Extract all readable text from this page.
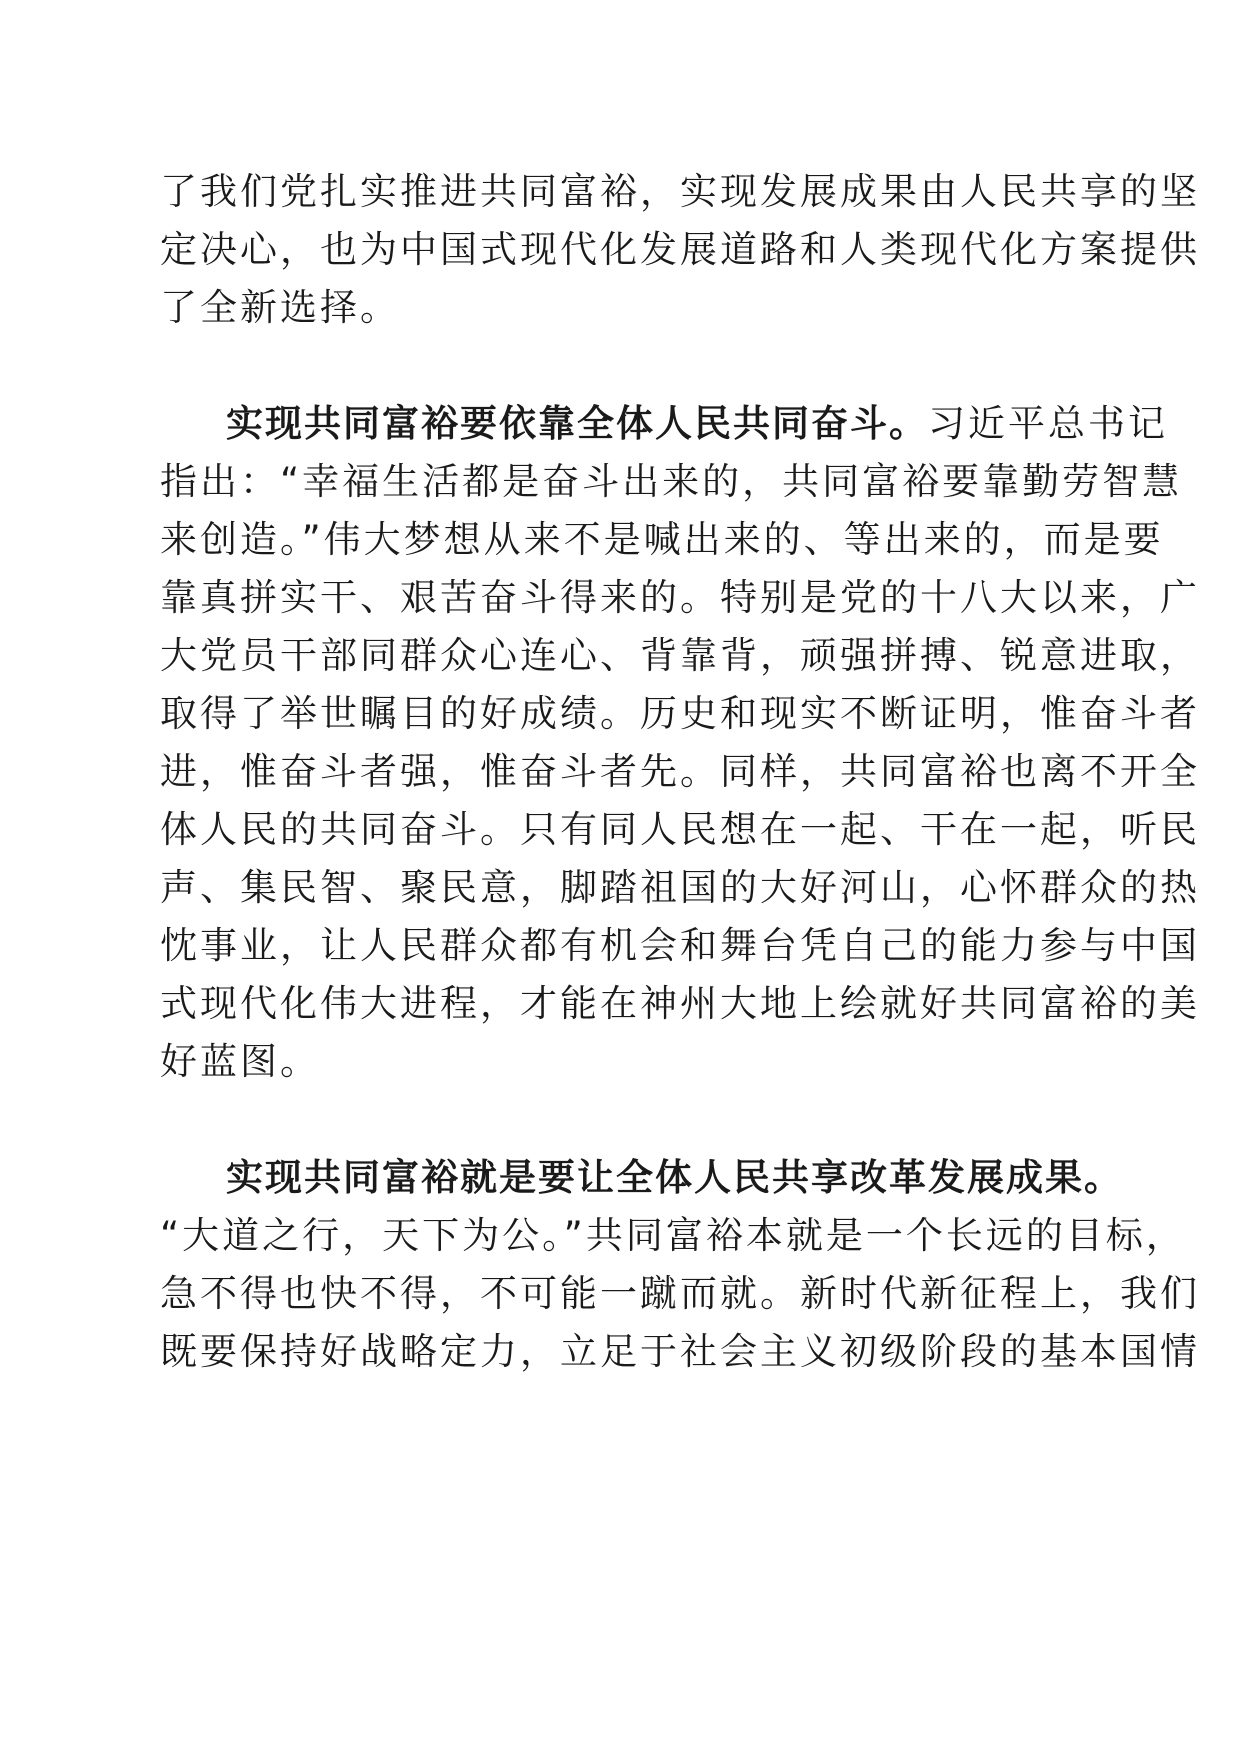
了我们党扎实推进共同富裕，实现发展成果由人民共享的坚
定决心，也为中国式现代化发展道路和人类现代化方案提供
了全新选择。
实现共同富裕要依靠全体人民共同奋斗。习近平总书记
指出：“幸福生活都是奋斗出来的，共同富裕要靠勤劳智慧
来创造。”伟大梦想从来不是喊出来的、等出来的，而是要
靠真拼实干、艰苦奋斗得来的。特别是党的十八大以来，广
大党员干部同群众心连心、背靠背，顽强拼搏、锐意进取，
取得了举世瞩目的好成绩。历史和现实不断证明，惟奋斗者
进，惟奋斗者强，惟奋斗者先。同样，共同富裕也离不开全
体人民的共同奋斗。只有同人民想在一起、干在一起，听民
声、集民智、聚民意，脚踏祖国的大好河山，心怀群众的热
忱事业，让人民群众都有机会和舞台凭自己的能力参与中国
式现代化伟大进程，才能在神州大地上绘就好共同富裕的美
好蓝图。
实现共同富裕就是要让全体人民共享改革发展成果。
“大道之行，天下为公。”共同富裕本就是一个长远的目标，
急不得也快不得，不可能一蹴而就。新时代新征程上，我们
既要保持好战略定力，立足于社会主义初级阶段的基本国情
